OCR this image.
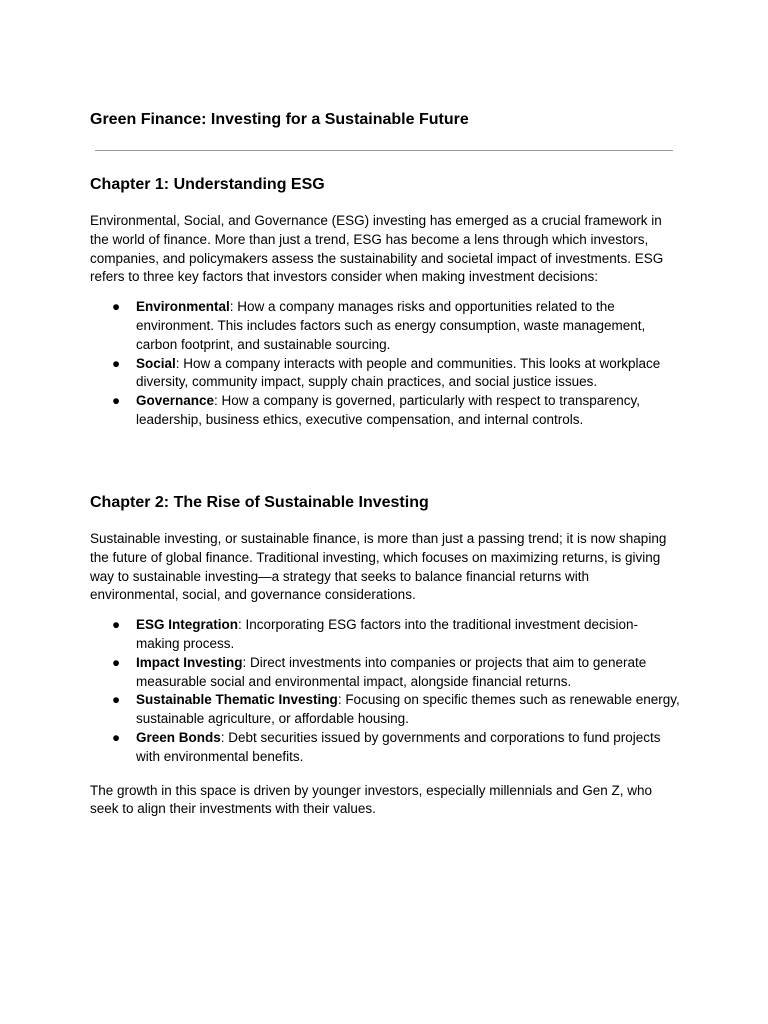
Green Finance: Investing for a Sustainable Future
Chapter 1: Understanding ESG

Environmental, Social, and Governance (ESG) investing has emerged as a crucial framework in the world of finance. More than just a trend, ESG has become a lens through which investors, companies, and policymakers assess the sustainability and societal impact of investments. ESG refers to three key factors that investors consider when making investment decisions:

● Environmental: How a company manages risks and opportunities related to the environment. This includes factors such as energy consumption, waste management, carbon footprint, and sustainable sourcing.
● Social: How a company interacts with people and communities. This looks at workplace diversity, community impact, supply chain practices, and social justice issues.
● Governance: How a company is governed, particularly with respect to transparency, leadership, business ethics, executive compensation, and internal controls.
Chapter 2: The Rise of Sustainable Investing

Sustainable investing, or sustainable finance, is more than just a passing trend; it is now shaping the future of global finance. Traditional investing, which focuses on maximizing returns, is giving way to sustainable investing—a strategy that seeks to balance financial returns with environmental, social, and governance considerations.

● ESG Integration: Incorporating ESG factors into the traditional investment decision-making process.
● Impact Investing: Direct investments into companies or projects that aim to generate measurable social and environmental impact, alongside financial returns.
● Sustainable Thematic Investing: Focusing on specific themes such as renewable energy, sustainable agriculture, or affordable housing.
● Green Bonds: Debt securities issued by governments and corporations to fund projects with environmental benefits.

The growth in this space is driven by younger investors, especially millennials and Gen Z, who seek to align their investments with their values.
